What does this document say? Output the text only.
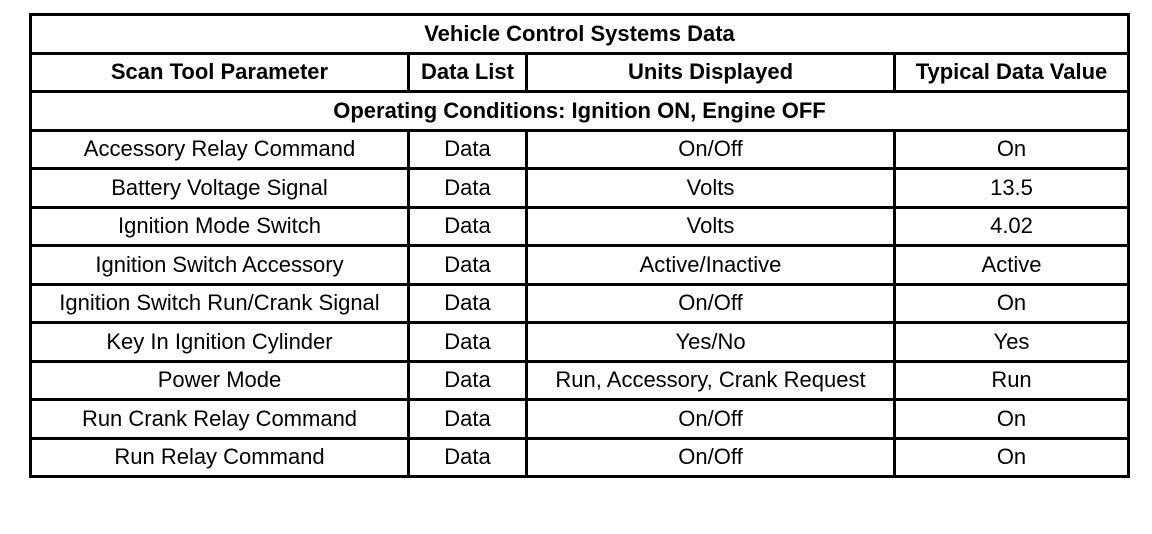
Vehicle Control Systems Data			
Scan Tool Parameter	Data List	Units Displayed	Typical Data Value
Operating Conditions: Ignition ON, Engine OFF			
Accessory Relay Command	Data	On/Off	On
Battery Voltage Signal	Data	Volts	13.5
Ignition Mode Switch	Data	Volts	4.02
Ignition Switch Accessory	Data	Active/Inactive	Active
Ignition Switch Run/Crank Signal	Data	On/Off	On
Key In Ignition Cylinder	Data	Yes/No	Yes
Power Mode	Data	Run, Accessory, Crank Request	Run
Run Crank Relay Command	Data	On/Off	On
Run Relay Command	Data	On/Off	On
